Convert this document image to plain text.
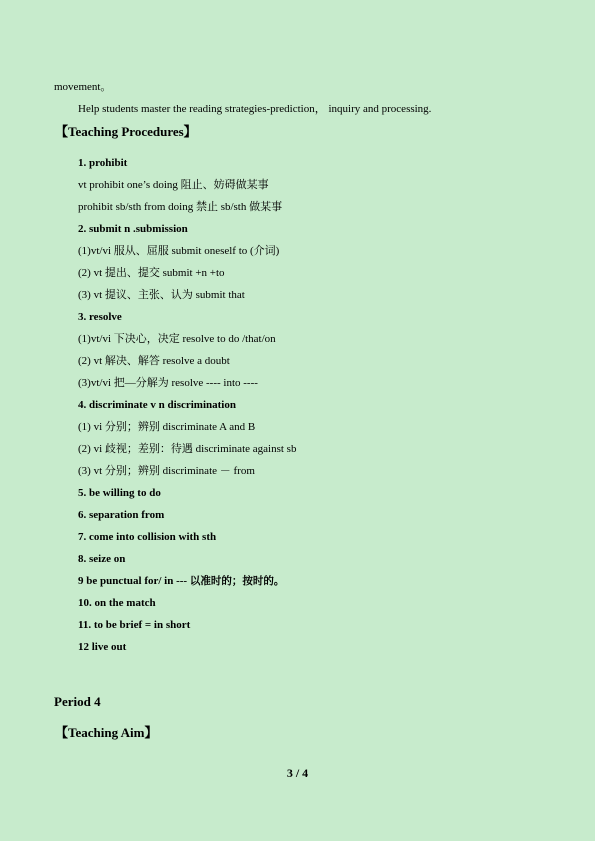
movement。
Help students master the reading strategies-prediction， inquiry and processing.
【Teaching Procedures】
1. prohibit
vt prohibit one’s doing 阻止、妨碍做某事
prohibit sb/sth from doing 禁止 sb/sth 做某事
2. submit n .submission
(1)vt/vi 服从、屈服 submit oneself to (介词)
(2) vt 提出、提交 submit +n +to
(3) vt 提议、主张、认为 submit that
3. resolve
(1)vt/vi 下决心，决定 resolve to do /that/on
(2) vt 解决、解答 resolve a doubt
(3)vt/vi 把—分解为 resolve ---- into ----
4. discriminate v n discrimination
(1) vi 分别；辨别 discriminate A and B
(2) vi 歧视；差别：待遇 discriminate against sb
(3) vt 分别；辨别 discriminate － from
5. be willing to do
6. separation from
7. come into collision with sth
8. seize on
9 be punctual for/ in --- 以准时的；按时的。
10. on the match
11. to be brief = in short
12 live out
Period 4
【Teaching Aim】
3 / 4
